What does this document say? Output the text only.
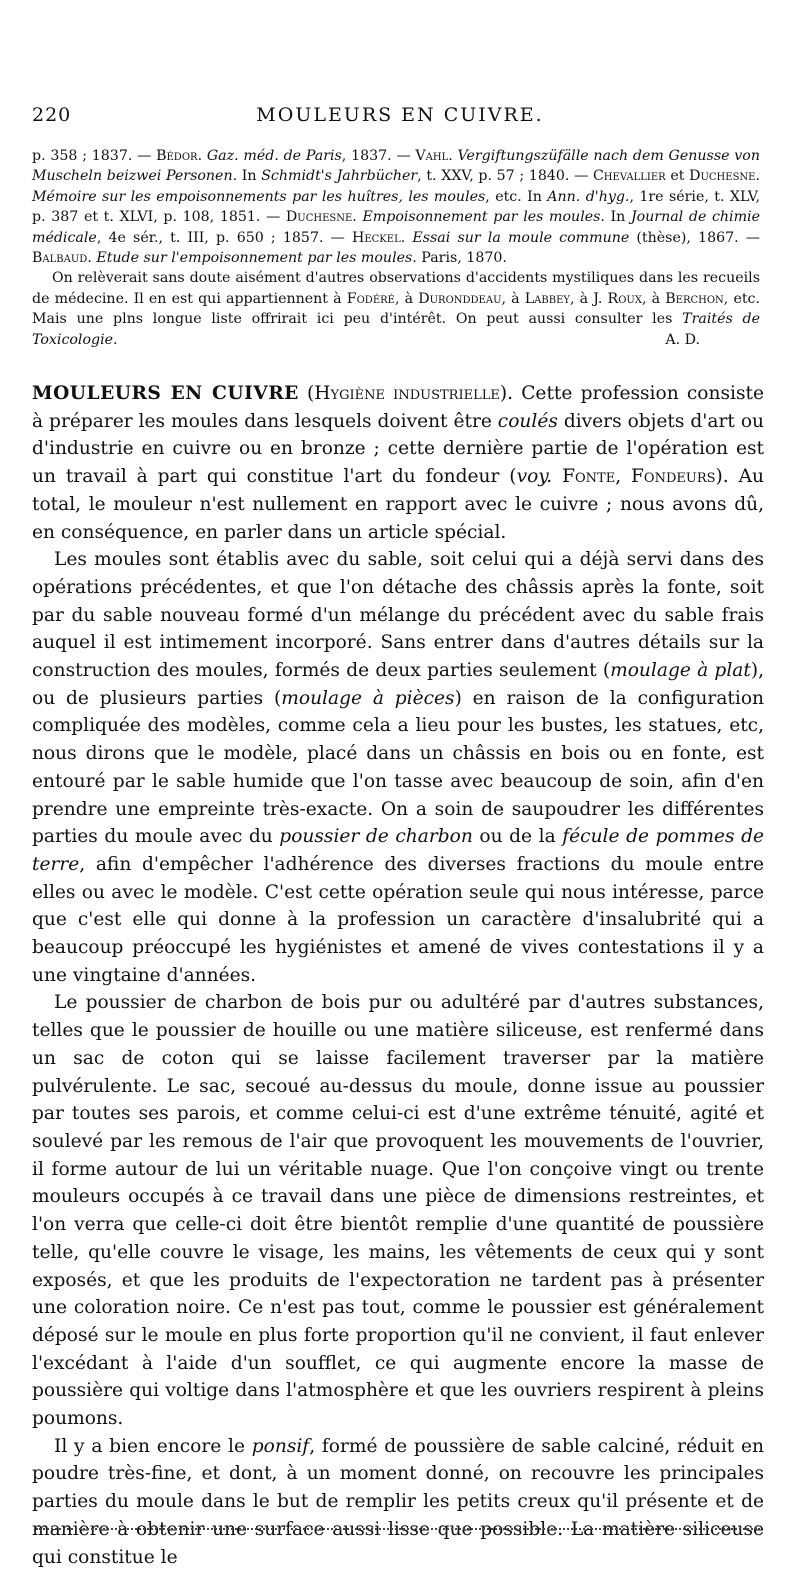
220	MOULEURS EN CUIVRE.

p. 358 ; 1837. — Bédor. Gaz. méd. de Paris, 1837. — Vahl. Vergiftungszüfälle nach dem Genusse von Muscheln beizwei Personen. In Schmidt's Jahrbücher, t. XXV, p. 57 ; 1840. — Chevallier et Duchesne. Mémoire sur les empoisonnements par les huîtres, les moules, etc. In Ann. d'hyg., 1re série, t. XLV, p. 387 et t. XLVI, p. 108, 1851. — Duchesne. Empoisonnement par les moules. In Journal de chimie médicale, 4e sér., t. III, p. 650 ; 1857. — Heckel. Essai sur la moule commune (thèse), 1867. — Balbaud. Etude sur l'empoisonnement par les moules. Paris, 1870.

On relèverait sans doute aisément d'autres observations d'accidents mystiliques dans les recueils de médecine. Il en est qui appartiennent à Fodéré, à Duronddeau, à Labbey, à J. Roux, à Berchon, etc. Mais une plns longue liste offrirait ici peu d'intérêt. On peut aussi consulter les Traités de Toxicologie.	A. D.

MOULEURS EN CUIVRE (Hygiène industrielle). Cette profession consiste à préparer les moules dans lesquels doivent être coulés divers objets d'art ou d'industrie en cuivre ou en bronze ; cette dernière partie de l'opération est un travail à part qui constitue l'art du fondeur (voy. Fonte, Fondeurs). Au total, le mouleur n'est nullement en rapport avec le cuivre ; nous avons dû, en conséquence, en parler dans un article spécial.

Les moules sont établis avec du sable, soit celui qui a déjà servi dans des opérations précédentes, et que l'on détache des châssis après la fonte, soit par du sable nouveau formé d'un mélange du précédent avec du sable frais auquel il est intimement incorporé. Sans entrer dans d'autres détails sur la construction des moules, formés de deux parties seulement (moulage à plat), ou de plusieurs parties (moulage à pièces) en raison de la configuration compliquée des modèles, comme cela a lieu pour les bustes, les statues, etc, nous dirons que le modèle, placé dans un châssis en bois ou en fonte, est entouré par le sable humide que l'on tasse avec beaucoup de soin, afin d'en prendre une empreinte très-exacte. On a soin de saupoudrer les différentes parties du moule avec du poussier de charbon ou de la fécule de pommes de terre, afin d'empêcher l'adhérence des diverses fractions du moule entre elles ou avec le modèle. C'est cette opération seule qui nous intéresse, parce que c'est elle qui donne à la profession un caractère d'insalubrité qui a beaucoup préoccupé les hygiénistes et amené de vives contestations il y a une vingtaine d'années.

Le poussier de charbon de bois pur ou adultéré par d'autres substances, telles que le poussier de houille ou une matière siliceuse, est renfermé dans un sac de coton qui se laisse facilement traverser par la matière pulvérulente. Le sac, secoué au-dessus du moule, donne issue au poussier par toutes ses parois, et comme celui-ci est d'une extrême ténuité, agité et soulevé par les remous de l'air que provoquent les mouvements de l'ouvrier, il forme autour de lui un véritable nuage. Que l'on conçoive vingt ou trente mouleurs occupés à ce travail dans une pièce de dimensions restreintes, et l'on verra que celle-ci doit être bientôt remplie d'une quantité de poussière telle, qu'elle couvre le visage, les mains, les vêtements de ceux qui y sont exposés, et que les produits de l'expectoration ne tardent pas à présenter une coloration noire. Ce n'est pas tout, comme le poussier est généralement déposé sur le moule en plus forte proportion qu'il ne convient, il faut enlever l'excédant à l'aide d'un soufflet, ce qui augmente encore la masse de poussière qui voltige dans l'atmosphère et que les ouvriers respirent à pleins poumons.

Il y a bien encore le ponsif, formé de poussière de sable calciné, réduit en poudre très-fine, et dont, à un moment donné, on recouvre les principales parties du moule dans le but de remplir les petits creux qu'il présente et de manière à obtenir une surface aussi lisse que possible. La matière siliceuse qui constitue le
